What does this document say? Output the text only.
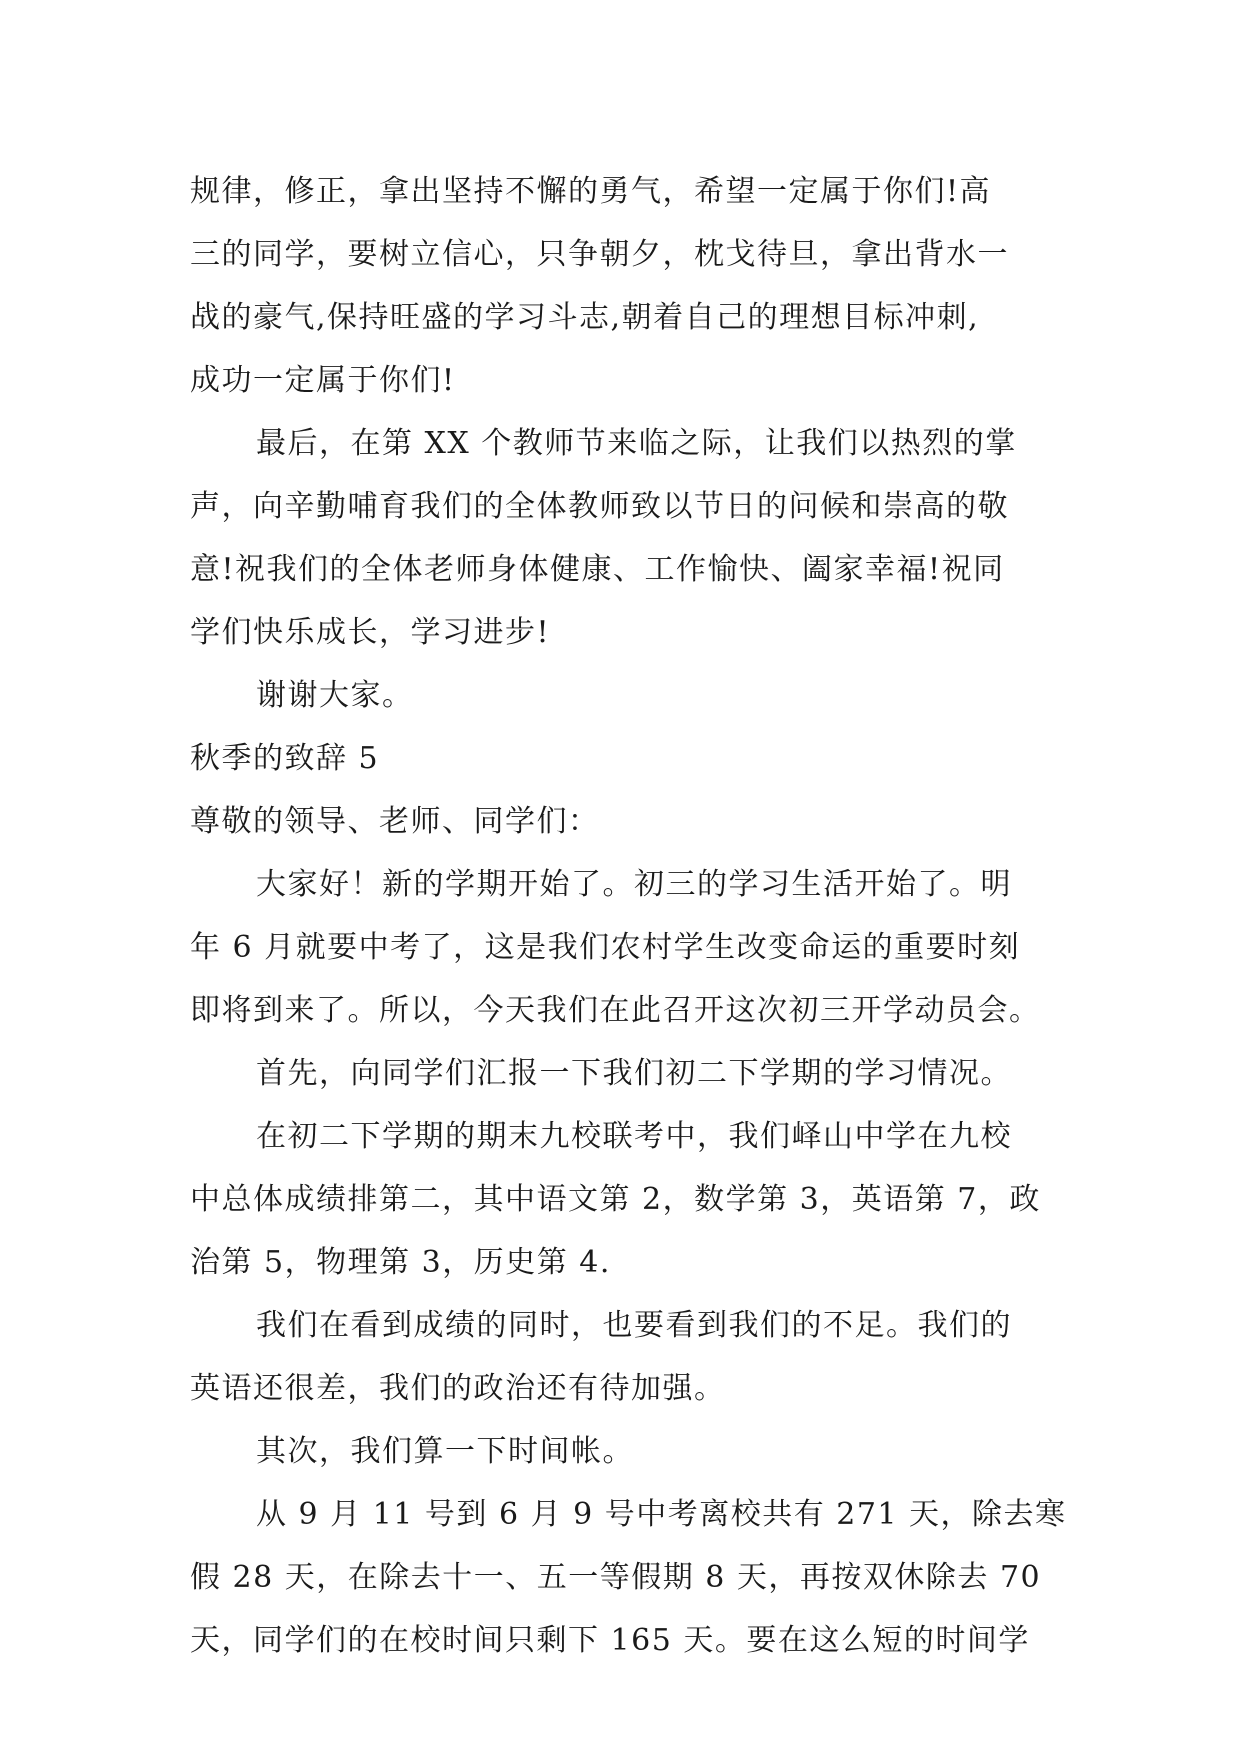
规律，修正，拿出坚持不懈的勇气，希望一定属于你们!高
三的同学，要树立信心，只争朝夕，枕戈待旦，拿出背水一
战的豪气,保持旺盛的学习斗志,朝着自己的理想目标冲刺,
成功一定属于你们!
最后，在第 XX 个教师节来临之际，让我们以热烈的掌
声，向辛勤哺育我们的全体教师致以节日的问候和崇高的敬
意!祝我们的全体老师身体健康、工作愉快、阖家幸福!祝同
学们快乐成长，学习进步!
谢谢大家。
秋季的致辞 5
尊敬的领导、老师、同学们：
大家好！新的学期开始了。初三的学习生活开始了。明
年 6 月就要中考了，这是我们农村学生改变命运的重要时刻
即将到来了。所以，今天我们在此召开这次初三开学动员会。
首先，向同学们汇报一下我们初二下学期的学习情况。
在初二下学期的期末九校联考中，我们峄山中学在九校
中总体成绩排第二，其中语文第 2，数学第 3，英语第 7，政
治第 5，物理第 3，历史第 4.
我们在看到成绩的同时，也要看到我们的不足。我们的
英语还很差，我们的政治还有待加强。
其次，我们算一下时间帐。
从 9 月 11 号到 6 月 9 号中考离校共有 271 天，除去寒
假 28 天，在除去十一、五一等假期 8 天，再按双休除去 70
天，同学们的在校时间只剩下 165 天。要在这么短的时间学
